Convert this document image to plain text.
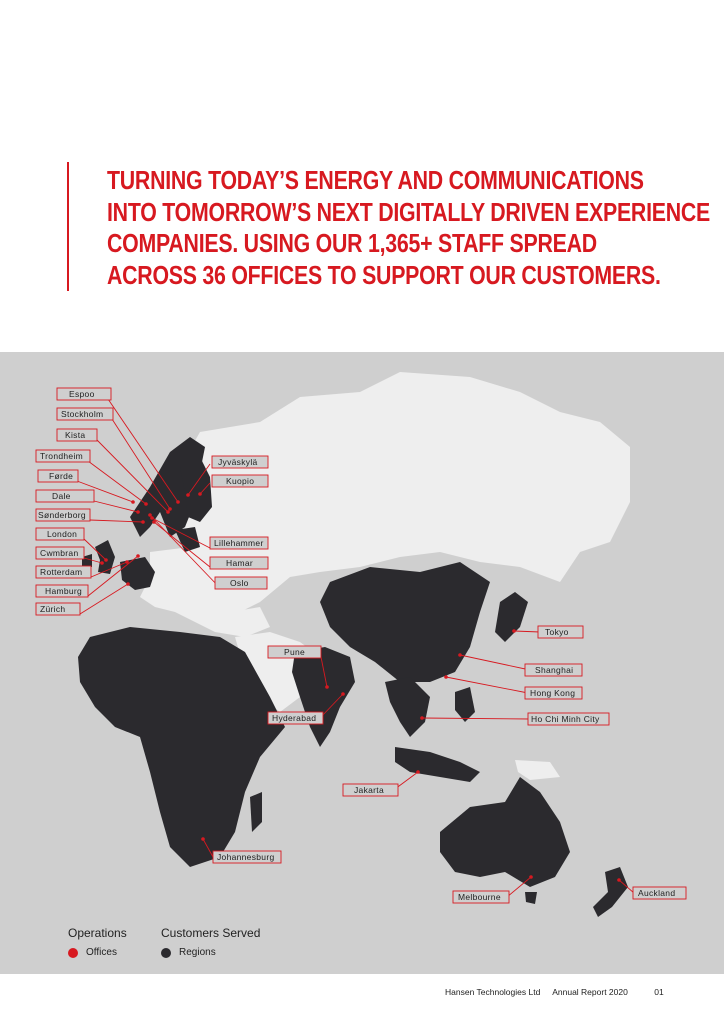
TURNING TODAY’S ENERGY AND COMMUNICATIONS
INTO TOMORROW’S NEXT DIGITALLY DRIVEN EXPERIENCE
COMPANIES. USING OUR 1,365+ STAFF SPREAD
ACROSS 36 OFFICES TO SUPPORT OUR CUSTOMERS.
Espoo
Stockholm
Kista
Trondheim
Førde
Dale
Sønderborg
London
Cwmbran
Rotterdam
Hamburg
Zürich
Jyväskylä
Kuopio
Lillehammer
Hamar
Oslo
Tokyo
Pune
Shanghai
Hong Kong
Hyderabad	Ho Chi Minh City
Jakarta
Johannesburg
Melbourne	Auckland
Operations	Customers Served
Offices	Regions
Hansen Technologies Ltd Annual Report 2020	01
